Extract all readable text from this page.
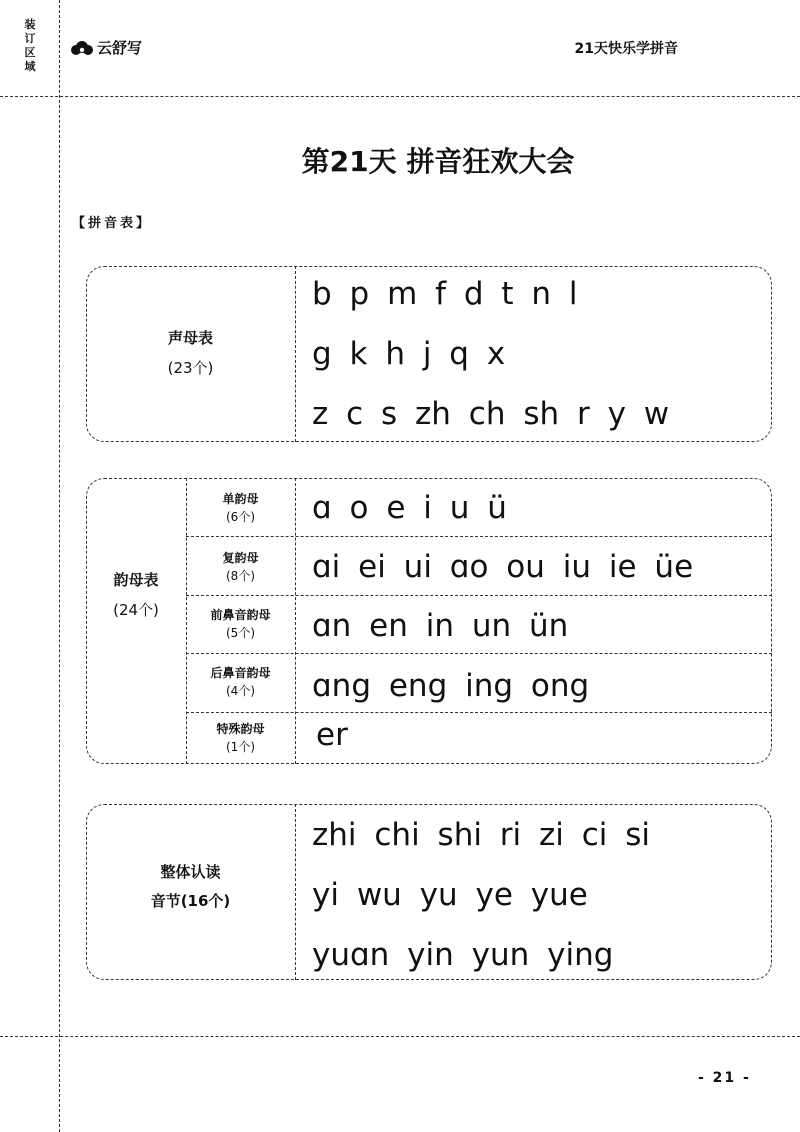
装
订
区
域
云舒写	21天快乐学拼音
第21天 拼音狂欢大会
【拼音表】
声母表
(23个)
b p m f d t n l
g k h j q x
z c s zh ch sh r y w
韵母表
(24个)
单韵母
(6个)	ɑ o e i u ü
复韵母
(8个)	ɑi ei ui ɑo ou iu ie üe
前鼻音韵母
(5个)	ɑn en in un ün
后鼻音韵母
(4个)	ɑng eng ing ong
特殊韵母
(1个)	er
整体认读
音节(16个)
zhi chi shi ri zi ci si
yi wu yu ye yue
yuɑn yin yun ying
- 21 -
